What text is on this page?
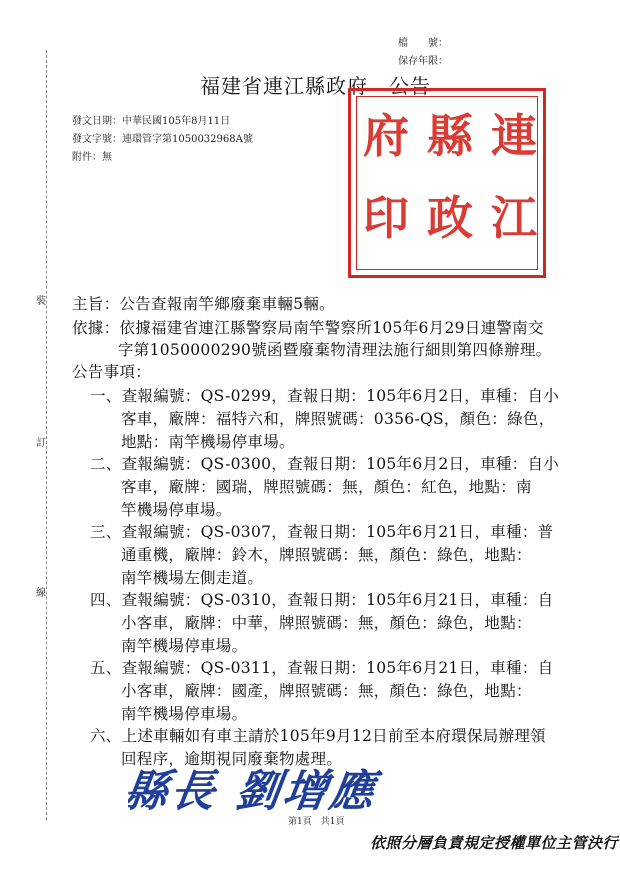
裝
訂
線
檔　　號：
保存年限：
福建省連江縣政府　公告
發文日期：中華民國105年8月11日
發文字號：連環管字第1050032968A號
附件：無	連
縣
府
江
政
印
主旨：公告查報南竿鄉廢棄車輛5輛。
依據：依據福建省連江縣警察局南竿警察所105年6月29日連警南交
字第1050000290號函暨廢棄物清理法施行細則第四條辦理。
公告事項：
一、查報編號：QS-0299，查報日期：105年6月2日，車種：自小
客車，廠牌：福特六和，牌照號碼：0356-QS，顏色：綠色，
地點：南竿機場停車場。
二、查報編號：QS-0300，查報日期：105年6月2日，車種：自小
客車，廠牌：國瑞，牌照號碼：無，顏色：紅色，地點：南
竿機場停車場。
三、查報編號：QS-0307，查報日期：105年6月21日，車種：普
通重機，廠牌：鈴木，牌照號碼：無，顏色：綠色，地點：
南竿機場左側走道。
四、查報編號：QS-0310，查報日期：105年6月21日，車種：自
小客車，廠牌：中華，牌照號碼：無，顏色：綠色，地點：
南竿機場停車場。
五、查報編號：QS-0311，查報日期：105年6月21日，車種：自
小客車，廠牌：國產，牌照號碼：無，顏色：綠色，地點：
南竿機場停車場。
六、上述車輛如有車主請於105年9月12日前至本府環保局辦理領
回程序，逾期視同廢棄物處理。
縣長 劉增應
第1頁　共1頁
依照分層負責規定授權單位主管決行
